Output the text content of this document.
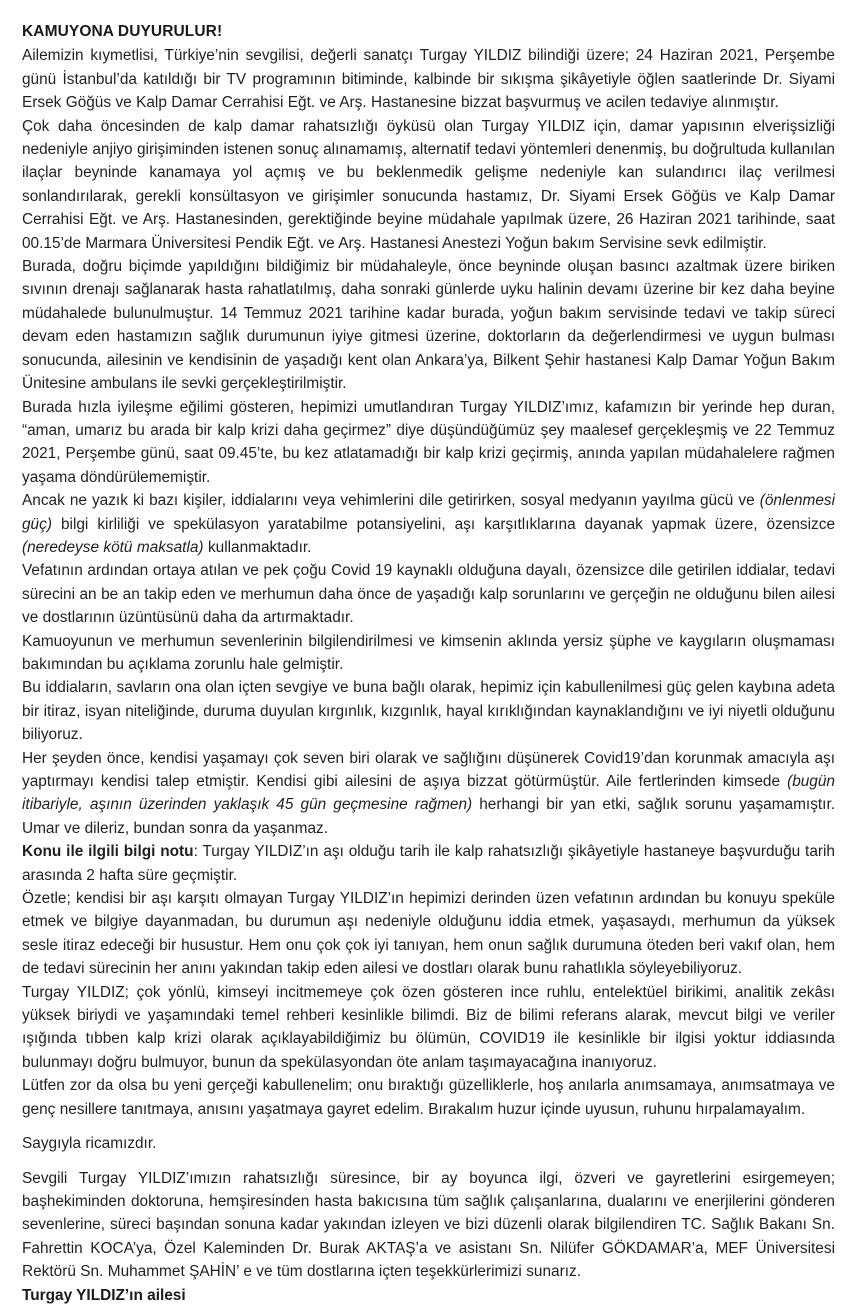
KAMUYONA DUYURULUR!

Ailemizin kıymetlisi, Türkiye’nin sevgilisi, değerli sanatçı Turgay YILDIZ bilindiği üzere; 24 Haziran 2021, Perşembe günü İstanbul’da katıldığı bir TV programının bitiminde, kalbinde bir sıkışma şikâyetiyle öğlen saatlerinde Dr. Siyami Ersek Göğüs ve Kalp Damar Cerrahisi Eğt. ve Arş. Hastanesine bizzat başvurmuş ve acilen tedaviye alınmıştır.

Çok daha öncesinden de kalp damar rahatsızlığı öyküsü olan Turgay YILDIZ için, damar yapısının elverişsizliği nedeniyle anjiyo girişiminden istenen sonuç alınamamış, alternatif tedavi yöntemleri denenmiş, bu doğrultuda kullanılan ilaçlar beyninde kanamaya yol açmış ve bu beklenmedik gelişme nedeniyle kan sulandırıcı ilaç verilmesi sonlandırılarak, gerekli konsültasyon ve girişimler sonucunda hastamız, Dr. Siyami Ersek Göğüs ve Kalp Damar Cerrahisi Eğt. ve Arş. Hastanesinden, gerektiğinde beyine müdahale yapılmak üzere, 26 Haziran 2021 tarihinde, saat 00.15’de Marmara Üniversitesi Pendik Eğt. ve Arş. Hastanesi Anestezi Yoğun bakım Servisine sevk edilmiştir.

Burada, doğru biçimde yapıldığını bildiğimiz bir müdahaleyle, önce beyninde oluşan basıncı azaltmak üzere biriken sıvının drenajı sağlanarak hasta rahatlatılmış, daha sonraki günlerde uyku halinin devamı üzerine bir kez daha beyine müdahalede bulunulmuştur. 14 Temmuz 2021 tarihine kadar burada, yoğun bakım servisinde tedavi ve takip süreci devam eden hastamızın sağlık durumunun iyiye gitmesi üzerine, doktorların da değerlendirmesi ve uygun bulması sonucunda, ailesinin ve kendisinin de yaşadığı kent olan Ankara’ya, Bilkent Şehir hastanesi Kalp Damar Yoğun Bakım Ünitesine ambulans ile sevki gerçekleştirilmiştir.

Burada hızla iyileşme eğilimi gösteren, hepimizi umutlandıran Turgay YILDIZ’ımız, kafamızın bir yerinde hep duran, “aman, umarız bu arada bir kalp krizi daha geçirmez” diye düşündüğümüz şey maalesef gerçekleşmiş ve 22 Temmuz 2021, Perşembe günü, saat 09.45’te, bu kez atlatamadığı bir kalp krizi geçirmiş, anında yapılan müdahalelere rağmen yaşama döndürülememiştir.

Ancak ne yazık ki bazı kişiler, iddialarını veya vehimlerini dile getirirken, sosyal medyanın yayılma gücü ve (önlenmesi güç) bilgi kirliliği ve spekülasyon yaratabilme potansiyelini, aşı karşıtlıklarına dayanak yapmak üzere, özensizce (neredeyse kötü maksatla) kullanmaktadır.

Vefatının ardından ortaya atılan ve pek çoğu Covid 19 kaynaklı olduğuna dayalı, özensizce dile getirilen iddialar, tedavi sürecini an be an takip eden ve merhumun daha önce de yaşadığı kalp sorunlarını ve gerçeğin ne olduğunu bilen ailesi ve dostlarının üzüntüsünü daha da artırmaktadır.

Kamuoyunun ve merhumun sevenlerinin bilgilendirilmesi ve kimsenin aklında yersiz şüphe ve kaygıların oluşmaması bakımından bu açıklama zorunlu hale gelmiştir.

Bu iddiaların, savların ona olan içten sevgiye ve buna bağlı olarak, hepimiz için kabullenilmesi güç gelen kaybına adeta bir itiraz, isyan niteliğinde, duruma duyulan kırgınlık, kızgınlık, hayal kırıklığından kaynaklandığını ve iyi niyetli olduğunu biliyoruz.

Her şeyden önce, kendisi yaşamayı çok seven biri olarak ve sağlığını düşünerek Covid19’dan korunmak amacıyla aşı yaptırmayı kendisi talep etmiştir. Kendisi gibi ailesini de aşıya bizzat götürmüştür. Aile fertlerinden kimsede (bugün itibariyle, aşının üzerinden yaklaşık 45 gün geçmesine rağmen) herhangi bir yan etki, sağlık sorunu yaşamamıştır. Umar ve dileriz, bundan sonra da yaşanmaz.

Konu ile ilgili bilgi notu: Turgay YILDIZ’ın aşı olduğu tarih ile kalp rahatsızlığı şikâyetiyle hastaneye başvurduğu tarih arasında 2 hafta süre geçmiştir.

Özetle; kendisi bir aşı karşıtı olmayan Turgay YILDIZ’ın hepimizi derinden üzen vefatının ardından bu konuyu speküle etmek ve bilgiye dayanmadan, bu durumun aşı nedeniyle olduğunu iddia etmek, yaşasaydı, merhumun da yüksek sesle itiraz edeceği bir husustur. Hem onu çok çok iyi tanıyan, hem onun sağlık durumuna öteden beri vakıf olan, hem de tedavi sürecinin her anını yakından takip eden ailesi ve dostları olarak bunu rahatlıkla söyleyebiliyoruz.

Turgay YILDIZ; çok yönlü, kimseyi incitmemeye çok özen gösteren ince ruhlu, entelektüel birikimi, analitik zekâsı yüksek biriydi ve yaşamındaki temel rehberi kesinlikle bilimdi. Biz de bilimi referans alarak, mevcut bilgi ve veriler ışığında tıbben kalp krizi olarak açıklayabildiğimiz bu ölümün, COVID19 ile kesinlikle bir ilgisi yoktur iddiasında bulunmayı doğru bulmuyor, bunun da spekülasyondan öte anlam taşımayacağına inanıyoruz.

Lütfen zor da olsa bu yeni gerçeği kabullenelim; onu bıraktığı güzelliklerle, hoş anılarla anımsamaya, anımsatmaya ve genç nesillere tanıtmaya, anısını yaşatmaya gayret edelim. Bırakalım huzur içinde uyusun, ruhunu hırpalamayalım.

Saygıyla ricamızdır.

Sevgili Turgay YILDIZ’ımızın rahatsızlığı süresince, bir ay boyunca ilgi, özveri ve gayretlerini esirgemeyen; başhekiminden doktoruna, hemşiresinden hasta bakıcısına tüm sağlık çalışanlarına, dualarını ve enerjilerini gönderen sevenlerine, süreci başından sonuna kadar yakından izleyen ve bizi düzenli olarak bilgilendiren TC. Sağlık Bakanı Sn. Fahrettin KOCA’ya, Özel Kaleminden Dr. Burak AKTAŞ’a ve asistanı Sn. Nilüfer GÖKDAMAR’a, MEF Üniversitesi Rektörü Sn. Muhammet ŞAHİN’ e ve tüm dostlarına içten teşekkürlerimizi sunarız.

Turgay YILDIZ’ın ailesi
